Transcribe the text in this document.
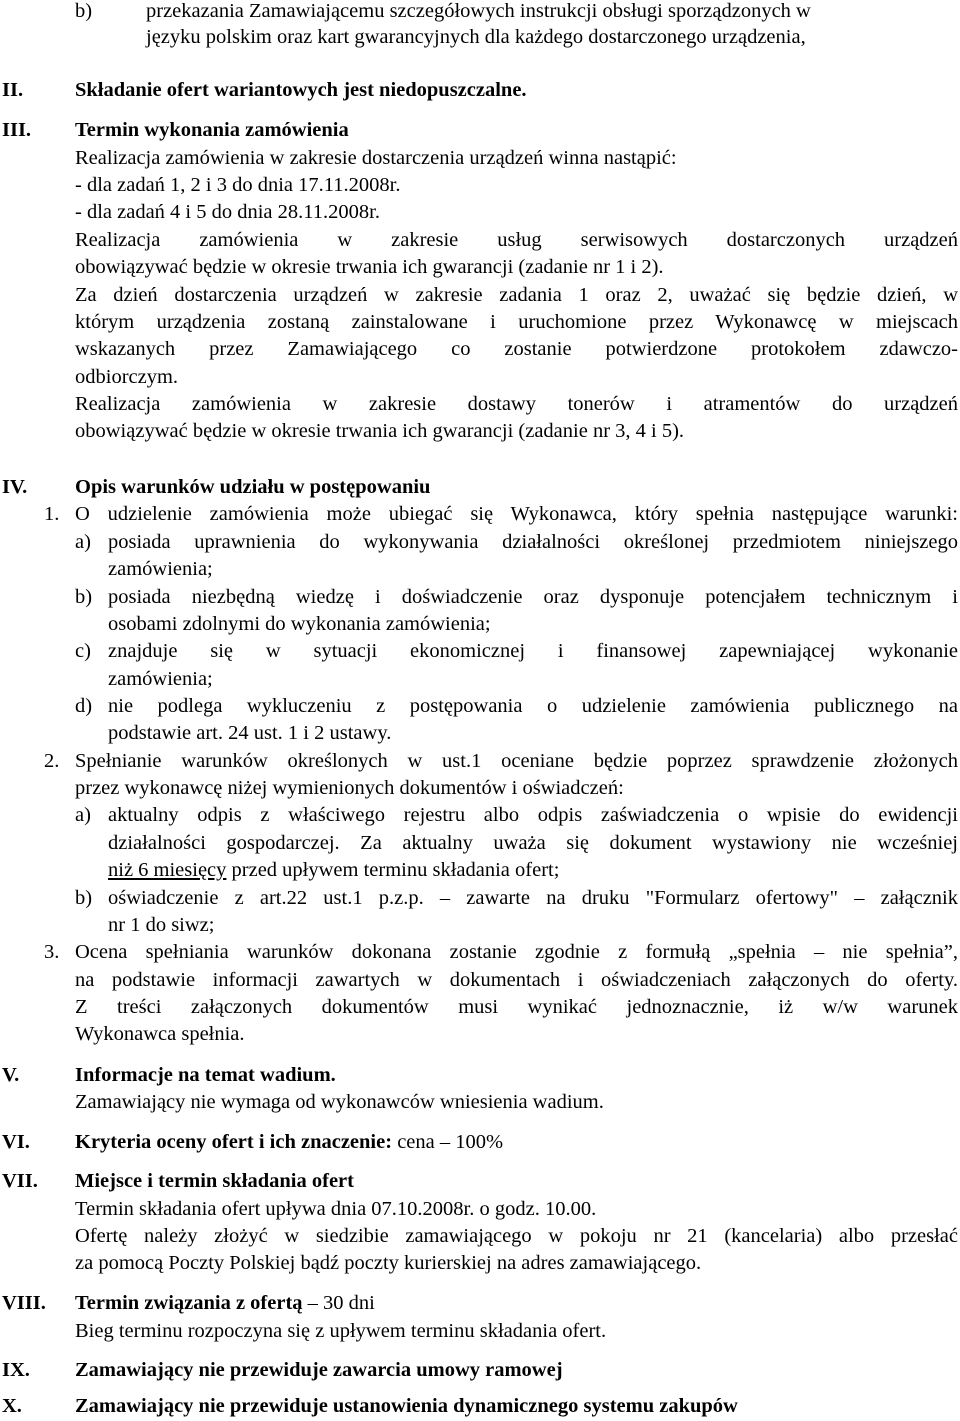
b)	przekazania Zamawiającemu szczegółowych instrukcji obsługi sporządzonych w
języku polskim oraz kart gwarancyjnych dla każdego dostarczonego urządzenia,
II.	Składanie ofert wariantowych jest niedopuszczalne.
III. Termin wykonania zamówienia
Realizacja zamówienia w zakresie dostarczenia urządzeń winna nastąpić:
- dla zadań 1, 2 i 3 do dnia 17.11.2008r.
- dla zadań 4 i 5 do dnia 28.11.2008r.
Realizacja zamówienia w zakresie usług serwisowych dostarczonych urządzeń
obowiązywać będzie w okresie trwania ich gwarancji (zadanie nr 1 i 2).
Za dzień dostarczenia urządzeń w zakresie zadania 1 oraz 2, uważać się będzie dzień, w
którym urządzenia zostaną zainstalowane i uruchomione przez Wykonawcę w miejscach
wskazanych przez Zamawiającego co zostanie potwierdzone protokołem zdawczo-
odbiorczym.
Realizacja zamówienia w zakresie dostawy tonerów i atramentów do urządzeń
obowiązywać będzie w okresie trwania ich gwarancji (zadanie nr 3, 4 i 5).
IV. Opis warunków udziału w postępowaniu
1. O udzielenie zamówienia może ubiegać się Wykonawca, który spełnia następujące warunki:
a) posiada uprawnienia do wykonywania działalności określonej przedmiotem niniejszego
zamówienia;
b) posiada niezbędną wiedzę i doświadczenie oraz dysponuje potencjałem technicznym i
osobami zdolnymi do wykonania zamówienia;
c) znajduje się w sytuacji ekonomicznej i finansowej zapewniającej wykonanie
zamówienia;
d) nie podlega wykluczeniu z postępowania o udzielenie zamówienia publicznego na
podstawie art. 24 ust. 1 i 2 ustawy.
2. Spełnianie warunków określonych w ust.1 oceniane będzie poprzez sprawdzenie złożonych
przez wykonawcę niżej wymienionych dokumentów i oświadczeń:
a) aktualny odpis z właściwego rejestru albo odpis zaświadczenia o wpisie do ewidencji
działalności gospodarczej. Za aktualny uważa się dokument wystawiony nie wcześniej
niż 6 miesięcy przed upływem terminu składania ofert;
b) oświadczenie z art.22 ust.1 p.z.p. – zawarte na druku "Formularz ofertowy" – załącznik
nr 1 do siwz;
3. Ocena spełniania warunków dokonana zostanie zgodnie z formułą „spełnia – nie spełnia”,
na podstawie informacji zawartych w dokumentach i oświadczeniach załączonych do oferty.
Z treści załączonych dokumentów musi wynikać jednoznacznie, iż w/w warunek
Wykonawca spełnia.
V.	Informacje na temat wadium.
Zamawiający nie wymaga od wykonawców wniesienia wadium.
VI. Kryteria oceny ofert i ich znaczenie: cena – 100%
VII. Miejsce i termin składania ofert
Termin składania ofert upływa dnia 07.10.2008r. o godz. 10.00.
Ofertę należy złożyć w siedzibie zamawiającego w pokoju nr 21 (kancelaria) albo przesłać
za pomocą Poczty Polskiej bądź poczty kurierskiej na adres zamawiającego.
VIII. Termin związania z ofertą – 30 dni
Bieg terminu rozpoczyna się z upływem terminu składania ofert.
IX. Zamawiający nie przewiduje zawarcia umowy ramowej
X.	Zamawiający nie przewiduje ustanowienia dynamicznego systemu zakupów
